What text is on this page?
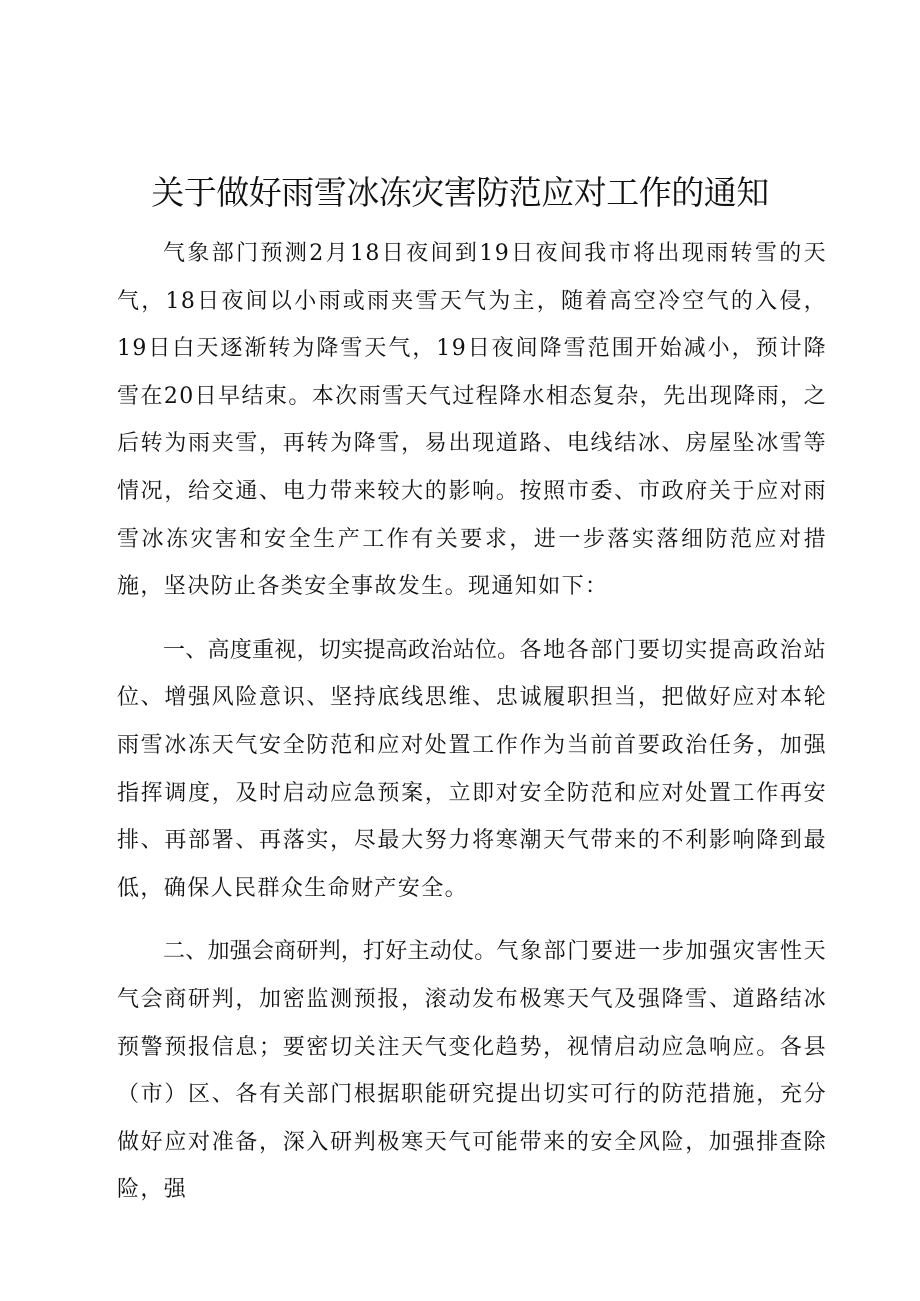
关于做好雨雪冰冻灾害防范应对工作的通知

气象部门预测2月18日夜间到19日夜间我市将出现雨转雪的天气，18日夜间以小雨或雨夹雪天气为主，随着高空冷空气的入侵，19日白天逐渐转为降雪天气，19日夜间降雪范围开始减小，预计降雪在20日早结束。本次雨雪天气过程降水相态复杂，先出现降雨，之后转为雨夹雪，再转为降雪，易出现道路、电线结冰、房屋坠冰雪等情况，给交通、电力带来较大的影响。按照市委、市政府关于应对雨雪冰冻灾害和安全生产工作有关要求，进一步落实落细防范应对措施，坚决防止各类安全事故发生。现通知如下：

一、高度重视，切实提高政治站位。各地各部门要切实提高政治站位、增强风险意识、坚持底线思维、忠诚履职担当，把做好应对本轮雨雪冰冻天气安全防范和应对处置工作作为当前首要政治任务，加强指挥调度，及时启动应急预案，立即对安全防范和应对处置工作再安排、再部署、再落实，尽最大努力将寒潮天气带来的不利影响降到最低，确保人民群众生命财产安全。

二、加强会商研判，打好主动仗。气象部门要进一步加强灾害性天气会商研判，加密监测预报，滚动发布极寒天气及强降雪、道路结冰预警预报信息；要密切关注天气变化趋势，视情启动应急响应。各县（市）区、各有关部门根据职能研究提出切实可行的防范措施，充分做好应对准备，深入研判极寒天气可能带来的安全风险，加强排查除险，强
